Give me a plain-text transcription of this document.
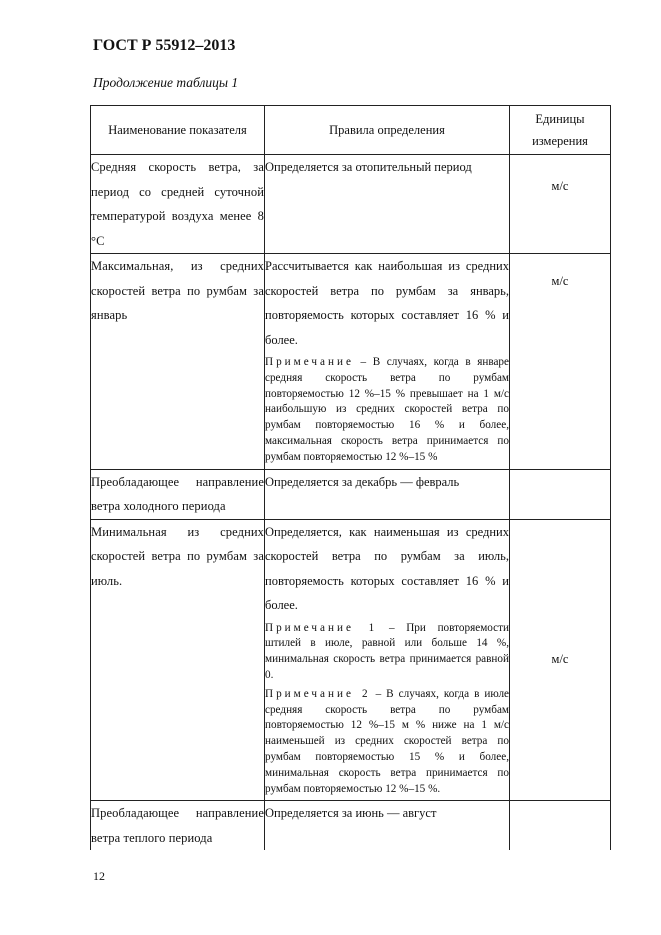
ГОСТ Р 55912–2013
Продолжение таблицы 1
Наименование показателя	Правила определения	Единицы измерения
Средняя скорость ветра, за период со средней суточной температурой воздуха менее 8 °С	Определяется за отопительный период	м/с

Максимальная, из средних скоростей ветра по румбам за январь	Рассчитывается как наибольшая из средних скоростей ветра по румбам за январь, повторяемость которых составляет 16 % и более.
Примечание – В случаях, когда в январе средняя скорость ветра по румбам повторяемостью 12 %–15 % превышает на 1 м/с наибольшую из средних скоростей ветра по румбам повторяемостью 16 % и более, максимальная скорость ветра принимается по румбам повторяемостью 12 %–15 %	м/с

Преобладающее направление ветра холодного периода	Определяется за декабрь — февраль	

Минимальная из средних скоростей ветра по румбам за июль.	Определяется, как наименьшая из средних скоростей ветра по румбам за июль, повторяемость которых составляет 16 % и более.
Примечание 1 – При повторяемости штилей в июле, равной или больше 14 %, минимальная скорость ветра принимается равной 0.
Примечание 2 – В случаях, когда в июле средняя скорость ветра по румбам повторяемостью 12 %–15 м % ниже на 1 м/с наименьшей из средних скоростей ветра по румбам повторяемостью 15 % и более, минимальная скорость ветра принимается по румбам повторяемостью 12 %–15 %.	м/с

Преобладающее направление ветра теплого периода	Определяется за июнь — август	

12
